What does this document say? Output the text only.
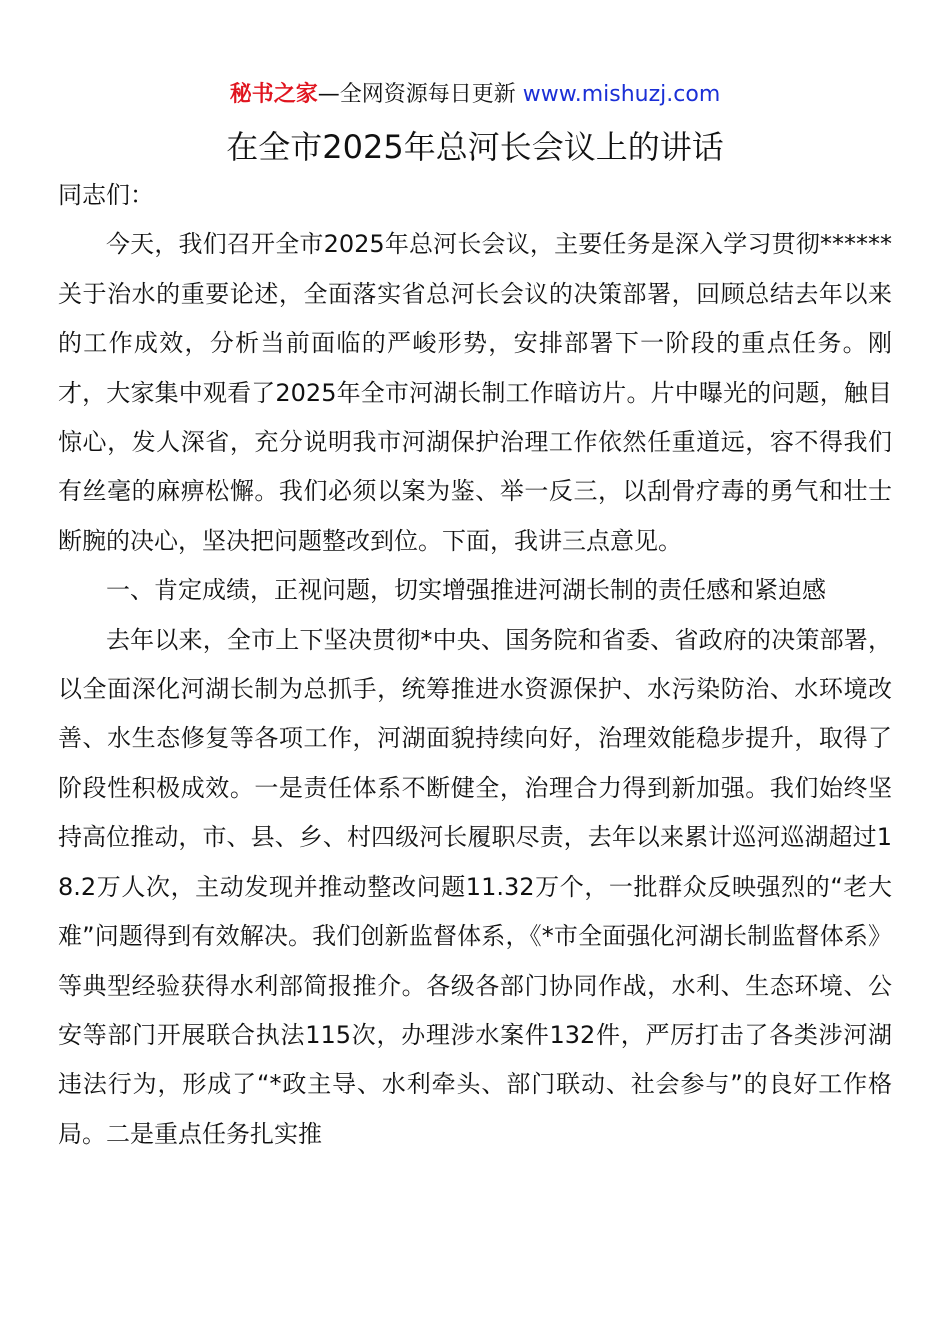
秘书之家—全网资源每日更新 www.mishuzj.com
在全市2025年总河长会议上的讲话

同志们：

今天，我们召开全市2025年总河长会议，主要任务是深入学习贯彻******关于治水的重要论述，全面落实省总河长会议的决策部署，回顾总结去年以来的工作成效，分析当前面临的严峻形势，安排部署下一阶段的重点任务。刚才，大家集中观看了2025年全市河湖长制工作暗访片。片中曝光的问题，触目惊心，发人深省，充分说明我市河湖保护治理工作依然任重道远，容不得我们有丝毫的麻痹松懈。我们必须以案为鉴、举一反三，以刮骨疗毒的勇气和壮士断腕的决心，坚决把问题整改到位。下面，我讲三点意见。

一、肯定成绩，正视问题，切实增强推进河湖长制的责任感和紧迫感

去年以来，全市上下坚决贯彻*中央、国务院和省委、省政府的决策部署，以全面深化河湖长制为总抓手，统筹推进水资源保护、水污染防治、水环境改善、水生态修复等各项工作，河湖面貌持续向好，治理效能稳步提升，取得了阶段性积极成效。一是责任体系不断健全，治理合力得到新加强。我们始终坚持高位推动，市、县、乡、村四级河长履职尽责，去年以来累计巡河巡湖超过18.2万人次，主动发现并推动整改问题11.32万个，一批群众反映强烈的“老大难”问题得到有效解决。我们创新监督体系，《*市全面强化河湖长制监督体系》等典型经验获得水利部简报推介。各级各部门协同作战，水利、生态环境、公安等部门开展联合执法115次，办理涉水案件132件，严厉打击了各类涉河湖违法行为，形成了“*政主导、水利牵头、部门联动、社会参与”的良好工作格局。二是重点任务扎实推
